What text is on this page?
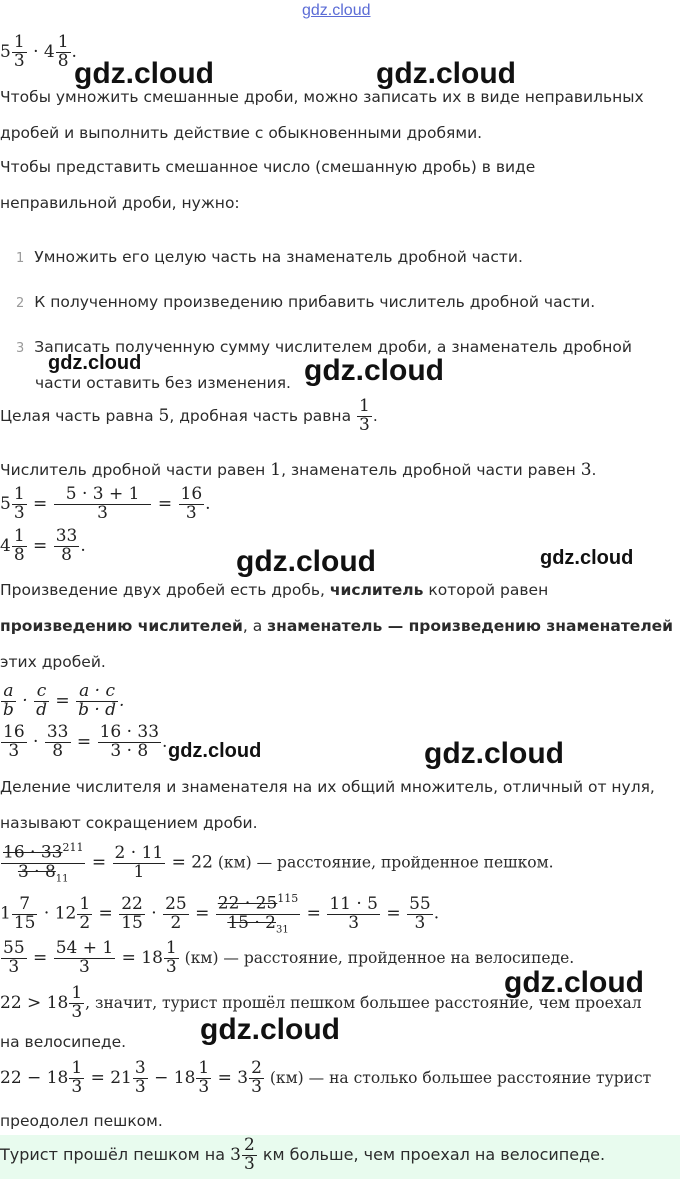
gdz.cloud
$5 \frac{1}{3} \cdot 4 \frac{1}{8}$ .
gdz.cloud	gdz.cloud
Чтобы умножить смешанные дроби, можно записать их в виде неправильных
дробей и выполнить действие с обыкновенными дробями.
Чтобы представить смешанное число (смешанную дробь) в виде
неправильной дроби, нужно:
1 Умножить его целую часть на знаменатель дробной части.
2 К полученному произведению прибавить числитель дробной части.
3 Записать полученную сумму числителем дроби, а знаменатель дробной
части оставить без изменения.
gdz.cloud	gdz.cloud
Целая часть равна 5, дробная часть равна $\frac{1}{3}$ .
Числитель дробной части равен 1, знаменатель дробной части равен 3.
$5 \frac{1}{3} = \frac{5 \cdot 3 + 1}{3} = \frac{16}{3}$ .
$4 \frac{1}{8} = \frac{33}{8}$ .	gdz.cloud	gdz.cloud
Произведение двух дробей есть дробь, числитель которой равен
произведению числителей, а знаменатель — произведению знаменателей
этих дробей.
$\frac{a}{b} \cdot \frac{c}{d} = \frac{a \cdot c}{b \cdot d}$ .
$\frac{16}{3} \cdot \frac{33}{8} = \frac{16 \cdot 33}{3 \cdot 8}$ . gdz.cloud	gdz.cloud
Деление числителя и знаменателя на их общий множитель, отличный от нуля,
называют сокращением дроби.
$\frac{16 \cdot 33^{211}}{3 \cdot 8_{11}} = \frac{2 \cdot 11}{1} = 22$ (км) — расстояние, пройденное пешком.
$1 \frac{7}{15} \cdot 12 \frac{1}{2} = \frac{22}{15} \cdot \frac{25}{2} = \frac{22 \cdot 25^{115}}{15 \cdot 2_{31}} = \frac{11 \cdot 5}{3} = \frac{55}{3}$ .
$\frac{55}{3} = \frac{54 + 1}{3} = 18 \frac{1}{3} (км)$ — расстояние, пройденное на велосипеде.
gdz.cloud
$22 > 18 \frac{1}{3}$ , значит, турист прошёл пешком большее расстояние, чем проехал
на велосипеде. gdz.cloud
$22 - 18 \frac{1}{3} = 21 \frac{3}{3} - 18 \frac{1}{3} = 3 \frac{2}{3} (км)$ — на столько большее расстояние турист
преодолел пешком.
Турист прошёл пешком на $3 \frac{2}{3}$ км больше, чем проехал на велосипеде.
